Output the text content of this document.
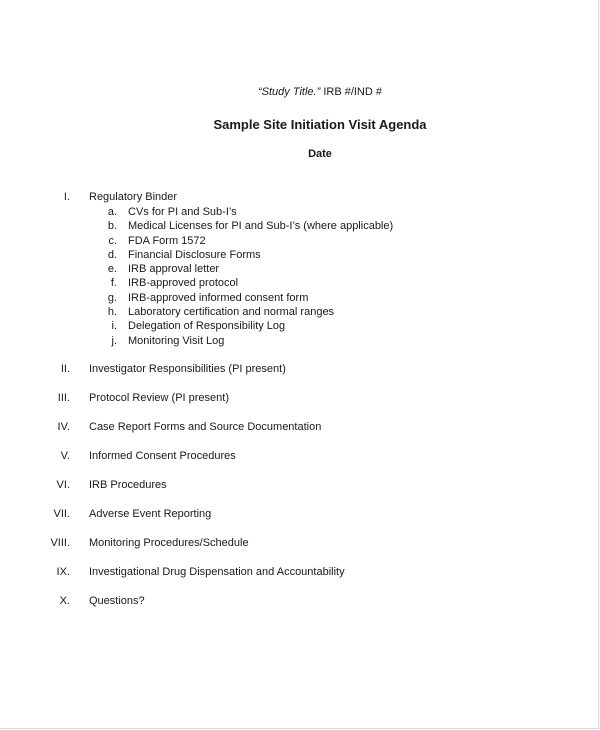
“Study Title.” IRB #/IND #
Sample Site Initiation Visit Agenda
Date
I. Regulatory Binder
a. CVs for PI and Sub-I’s
b. Medical Licenses for PI and Sub-I’s (where applicable)
c. FDA Form 1572
d. Financial Disclosure Forms
e. IRB approval letter
f. IRB-approved protocol
g. IRB-approved informed consent form
h. Laboratory certification and normal ranges
i. Delegation of Responsibility Log
j. Monitoring Visit Log
II. Investigator Responsibilities (PI present)
III. Protocol Review (PI present)
IV. Case Report Forms and Source Documentation
V. Informed Consent Procedures
VI. IRB Procedures
VII. Adverse Event Reporting
VIII. Monitoring Procedures/Schedule
IX. Investigational Drug Dispensation and Accountability
X. Questions?
